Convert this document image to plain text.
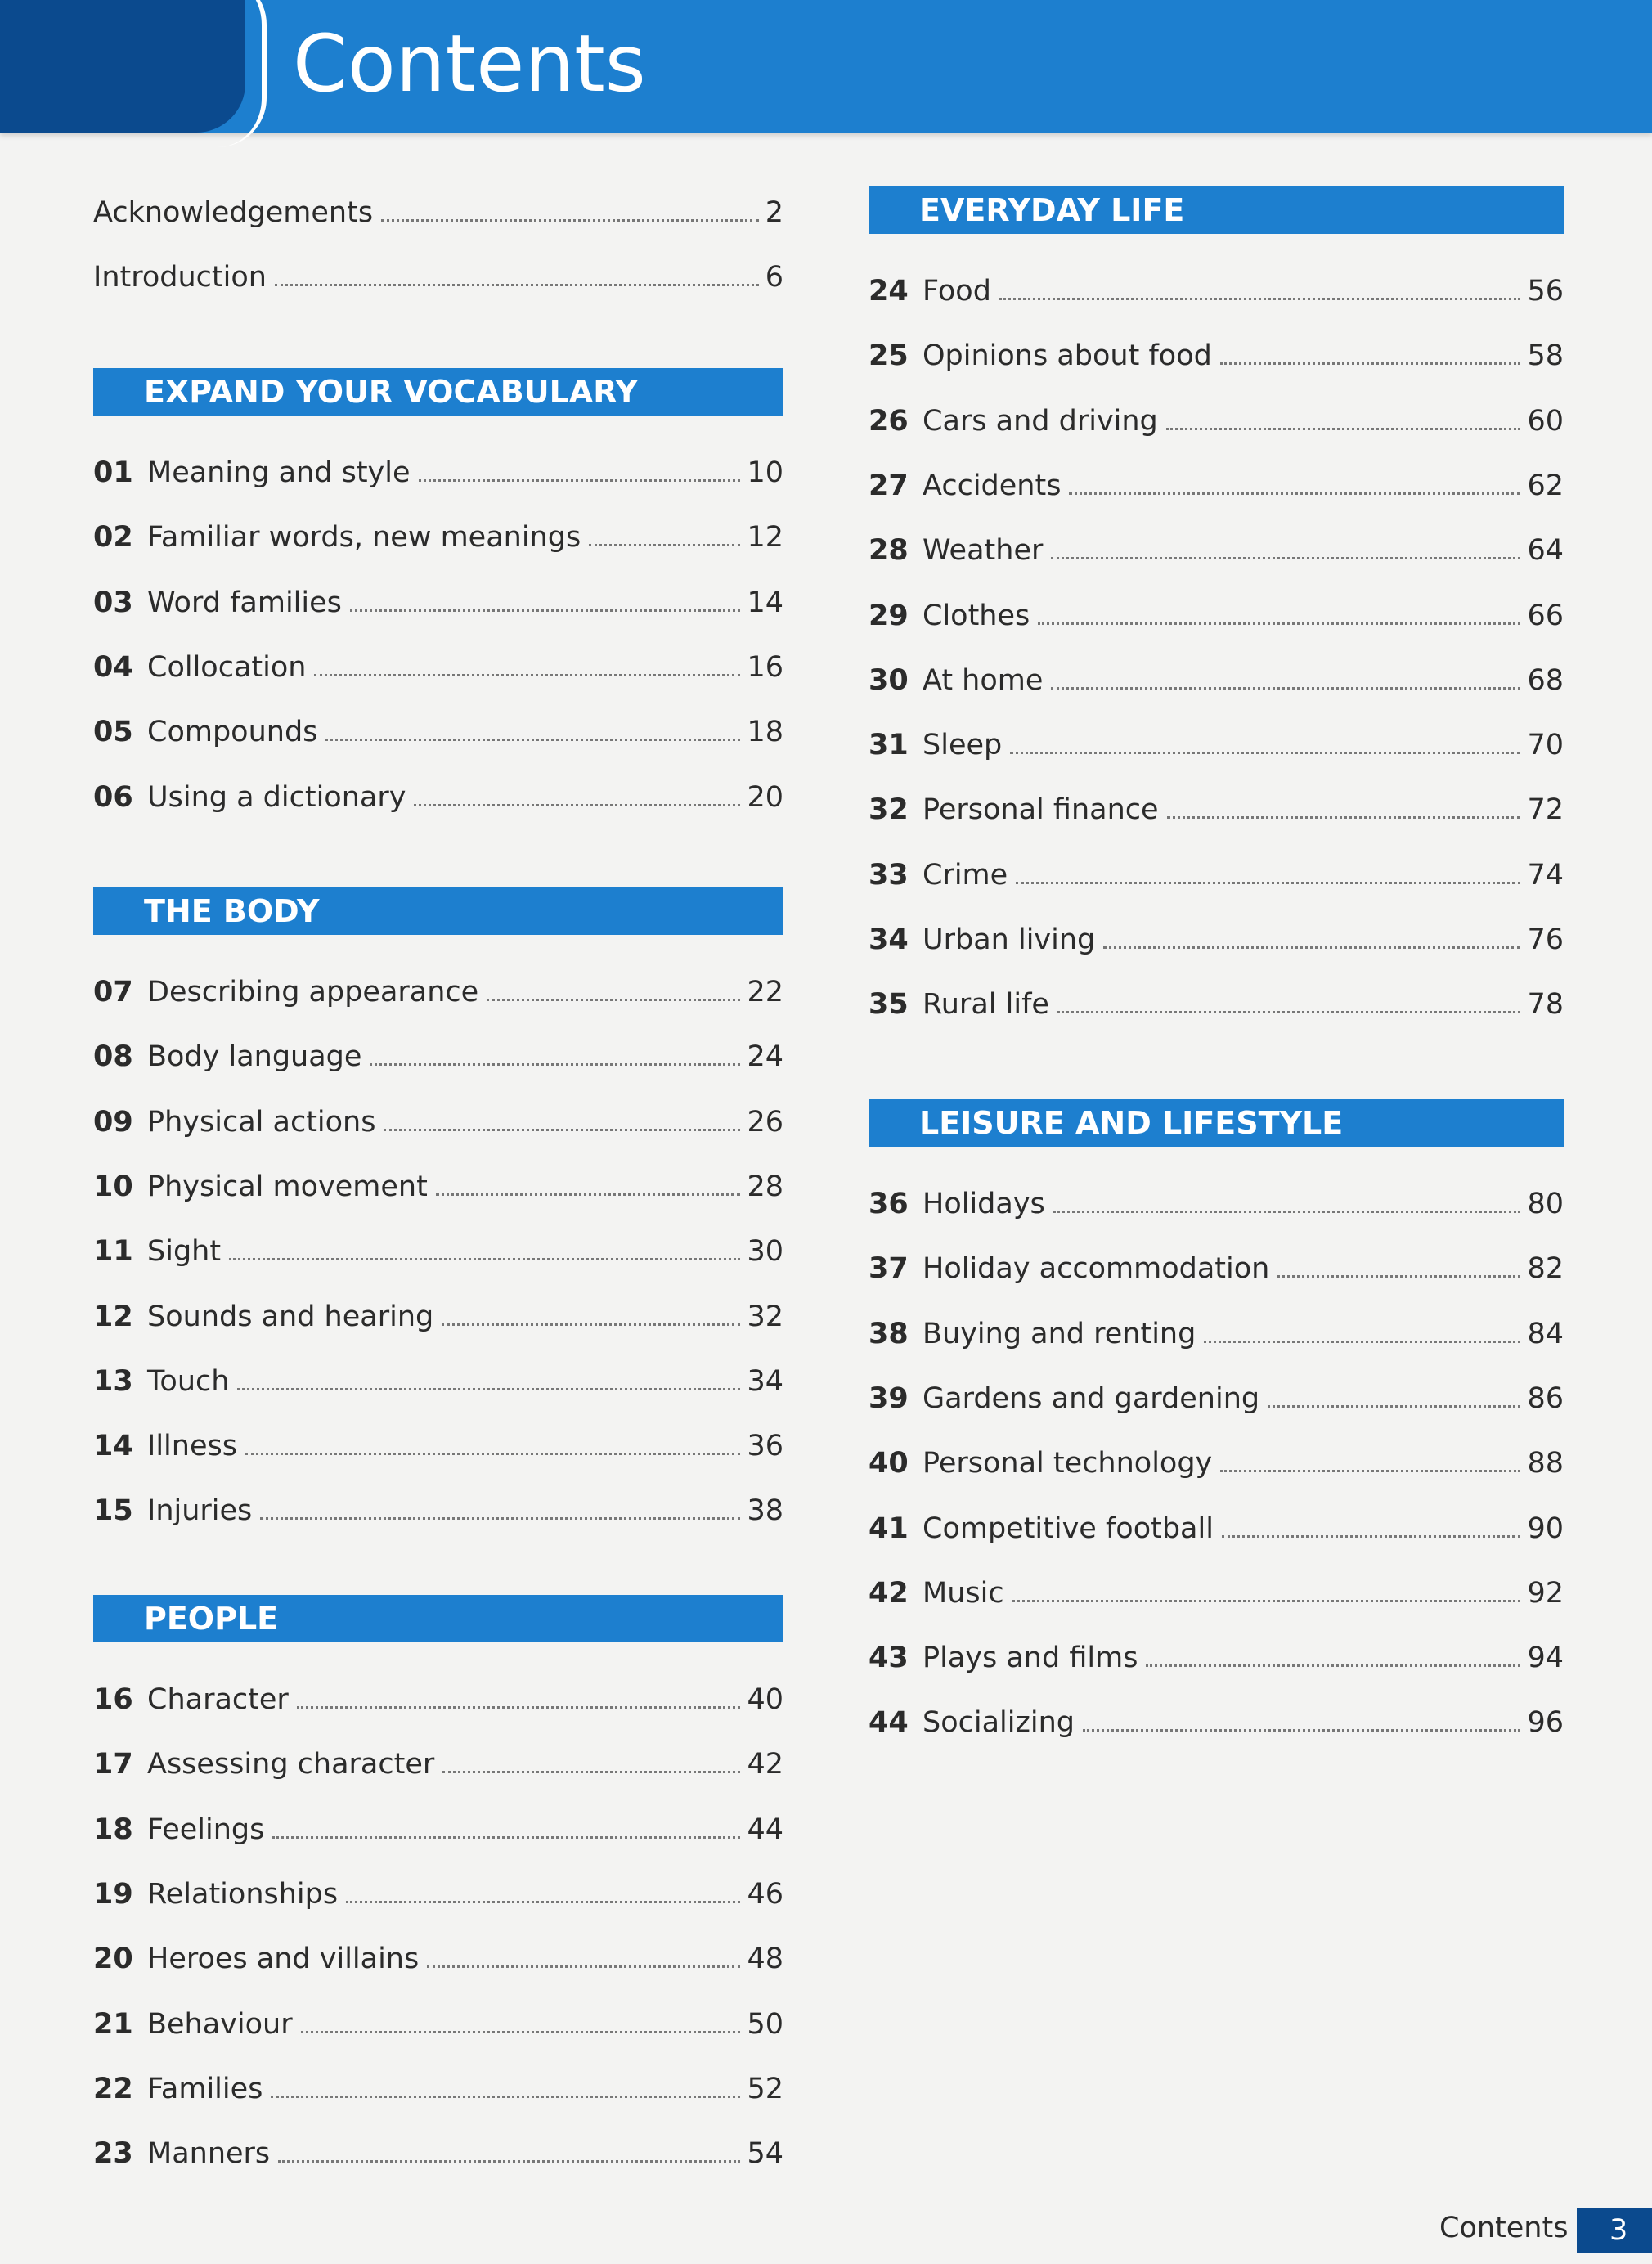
Contents
Acknowledgements	2
Introduction	6
EXPAND YOUR VOCABULARY
01 Meaning and style	10
02 Familiar words, new meanings	12
03 Word families	14
04 Collocation	16
05 Compounds	18
06 Using a dictionary	20
THE BODY
07 Describing appearance	22
08 Body language	24
09 Physical actions	26
10 Physical movement	28
11 Sight	30
12 Sounds and hearing	32
13 Touch	34
14 Illness	36
15 Injuries	38
PEOPLE
16 Character	40
17 Assessing character	42
18 Feelings	44
19 Relationships	46
20 Heroes and villains	48
21 Behaviour	50
22 Families	52
23 Manners	54
EVERYDAY LIFE
24 Food	56
25 Opinions about food	58
26 Cars and driving	60
27 Accidents	62
28 Weather	64
29 Clothes	66
30 At home	68
31 Sleep	70
32 Personal finance	72
33 Crime	74
34 Urban living	76
35 Rural life	78
LEISURE AND LIFESTYLE
36 Holidays	80
37 Holiday accommodation	82
38 Buying and renting	84
39 Gardens and gardening	86
40 Personal technology	88
41 Competitive football	90
42 Music	92
43 Plays and films	94
44 Socializing	96
Contents	3
